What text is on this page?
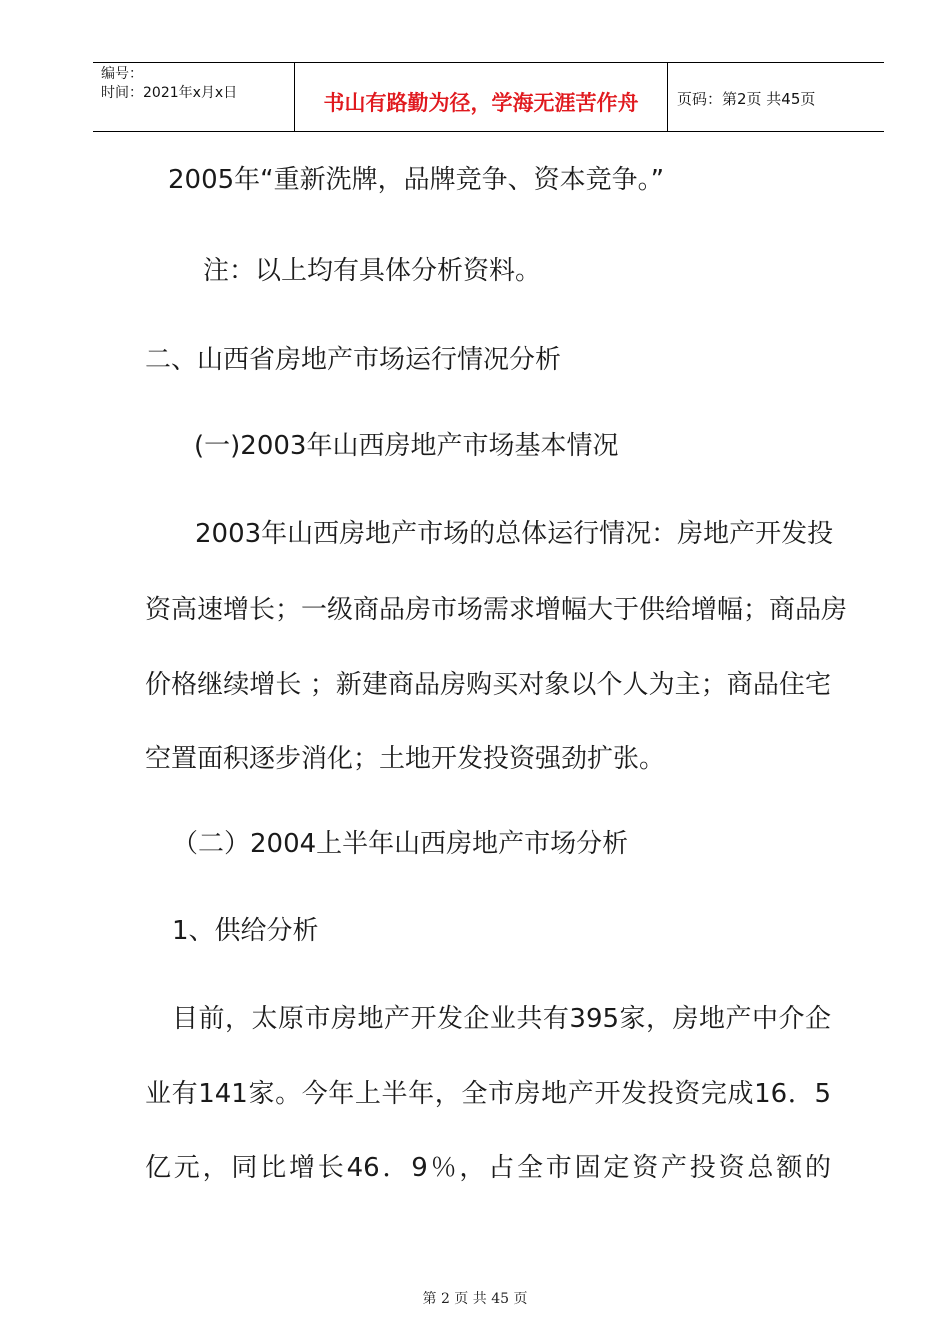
编号：
时间：2021年x月x日	书山有路勤为径，学海无涯苦作舟	页码：第2页 共45页
2005年“重新洗牌，品牌竞争、资本竞争。”
注：以上均有具体分析资料。
二、山西省房地产市场运行情况分析
(一)2003年山西房地产市场基本情况
2003年山西房地产市场的总体运行情况：房地产开发投
资高速增长；一级商品房市场需求增幅大于供给增幅；商品房
价格继续增长 ；新建商品房购买对象以个人为主；商品住宅
空置面积逐步消化；土地开发投资强劲扩张。
（二）2004上半年山西房地产市场分析
1、供给分析
目前，太原市房地产开发企业共有395家，房地产中介企
业有141家。今年上半年，全市房地产开发投资完成16．5
亿元，同比增长46．9％，占全市固定资产投资总额的
第 2 页 共 45 页
